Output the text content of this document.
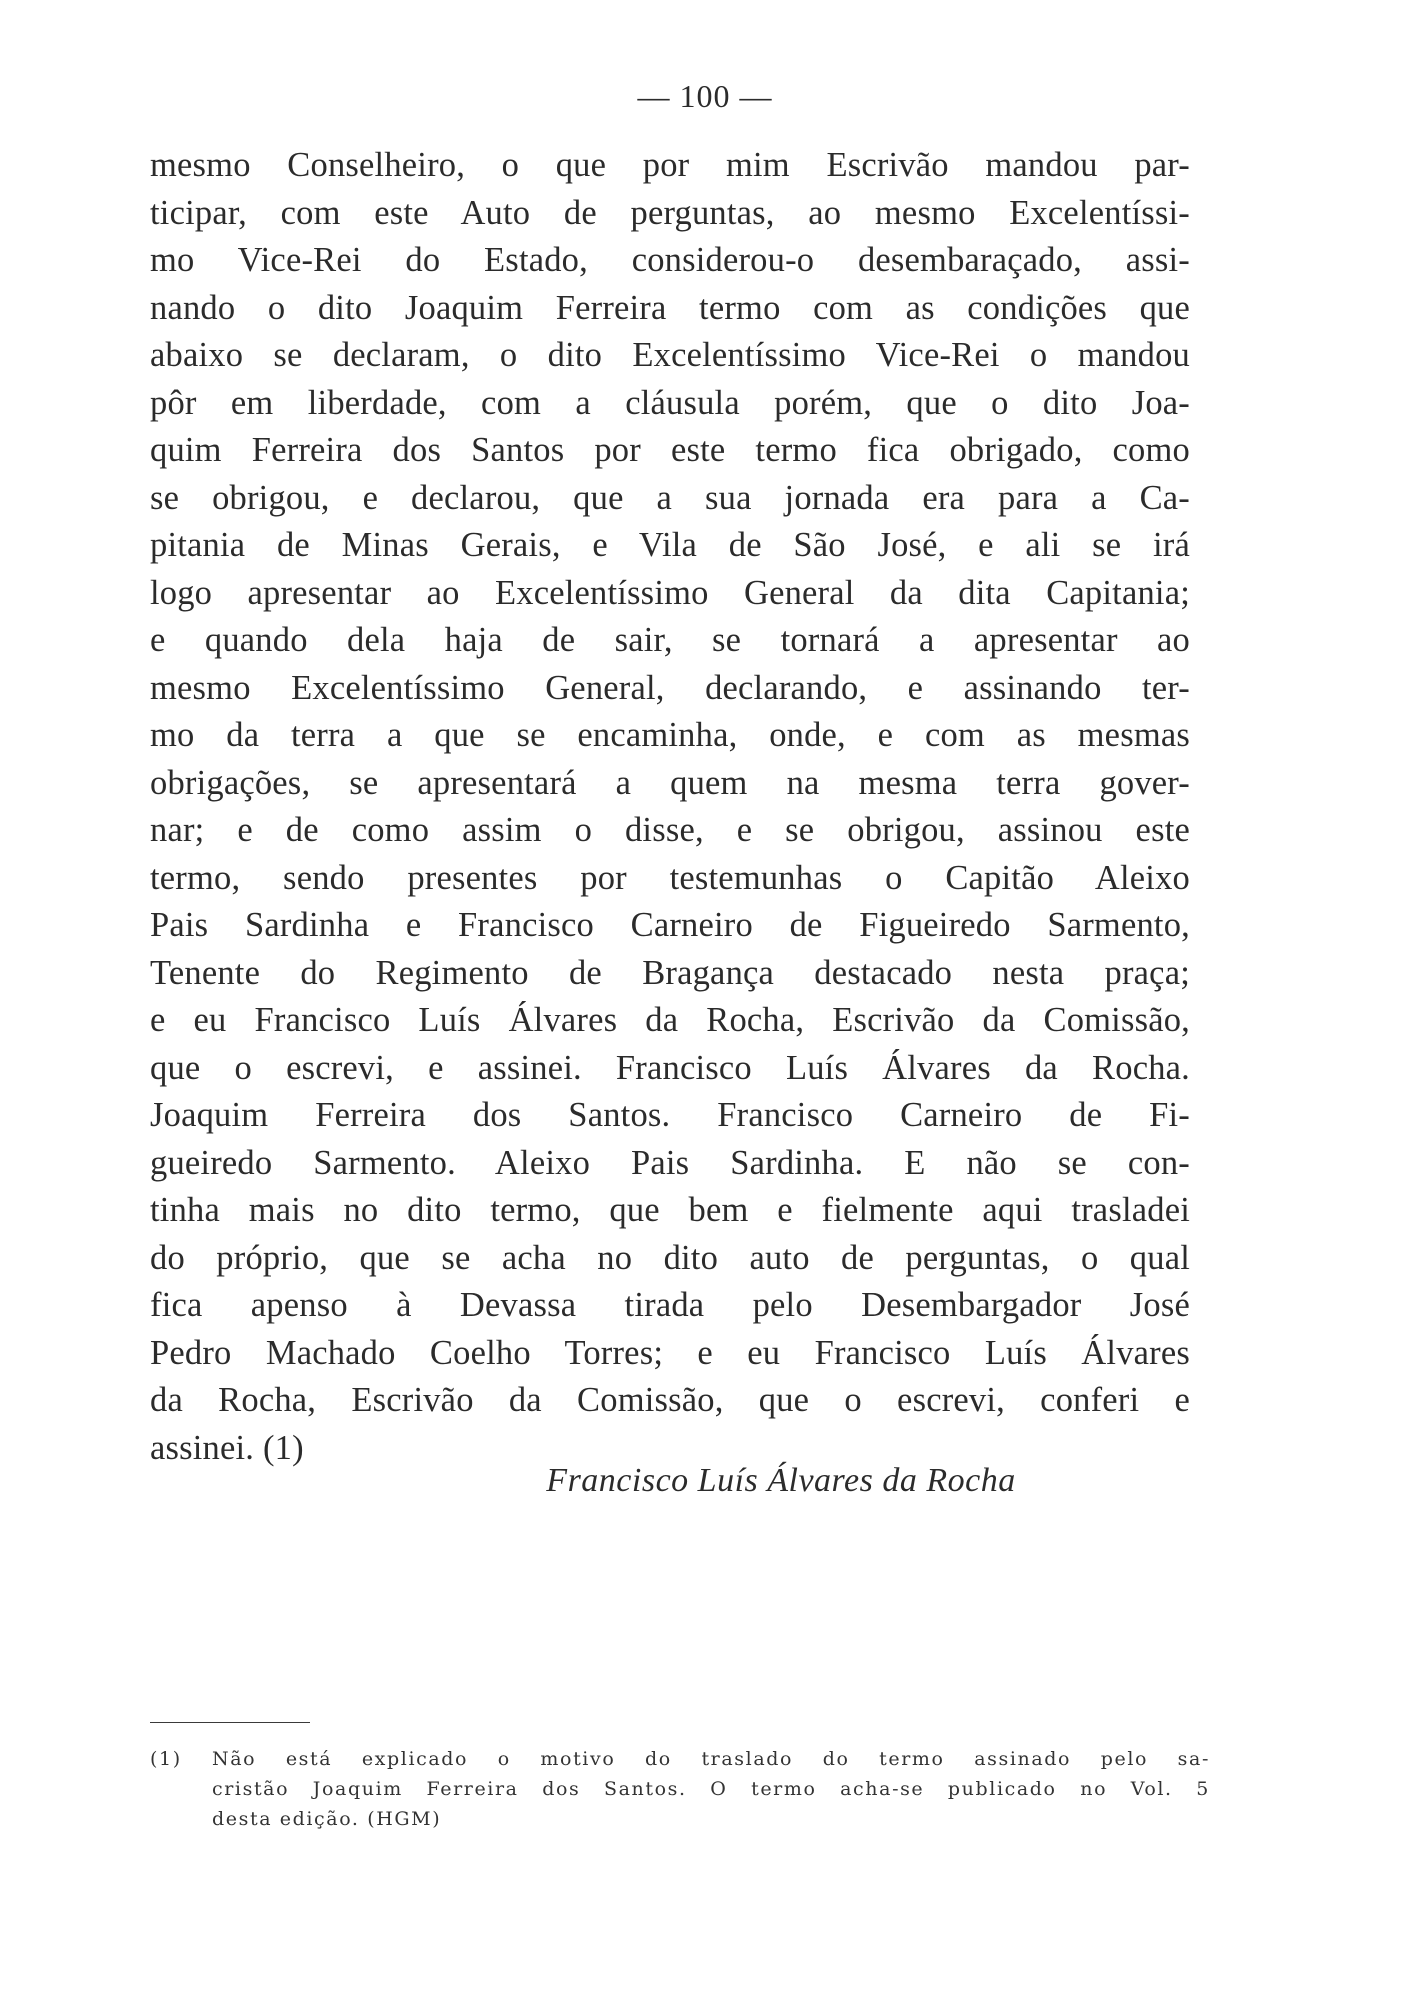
— 100 —
mesmo Conselheiro, o que por mim Escrivão mandou par-
ticipar, com este Auto de perguntas, ao mesmo Excelentíssi-
mo Vice-Rei do Estado, considerou-o desembaraçado, assi-
nando o dito Joaquim Ferreira termo com as condições que
abaixo se declaram, o dito Excelentíssimo Vice-Rei o mandou
pôr em liberdade, com a cláusula porém, que o dito Joa-
quim Ferreira dos Santos por este termo fica obrigado, como
se obrigou, e declarou, que a sua jornada era para a Ca-
pitania de Minas Gerais, e Vila de São José, e ali se irá
logo apresentar ao Excelentíssimo General da dita Capitania;
e quando dela haja de sair, se tornará a apresentar ao
mesmo Excelentíssimo General, declarando, e assinando ter-
mo da terra a que se encaminha, onde, e com as mesmas
obrigações, se apresentará a quem na mesma terra gover-
nar; e de como assim o disse, e se obrigou, assinou este
termo, sendo presentes por testemunhas o Capitão Aleixo
Pais Sardinha e Francisco Carneiro de Figueiredo Sarmento,
Tenente do Regimento de Bragança destacado nesta praça;
e eu Francisco Luís Álvares da Rocha, Escrivão da Comissão,
que o escrevi, e assinei. Francisco Luís Álvares da Rocha.
Joaquim Ferreira dos Santos. Francisco Carneiro de Fi-
gueiredo Sarmento. Aleixo Pais Sardinha. E não se con-
tinha mais no dito termo, que bem e fielmente aqui trasladei
do próprio, que se acha no dito auto de perguntas, o qual
fica apenso à Devassa tirada pelo Desembargador José
Pedro Machado Coelho Torres; e eu Francisco Luís Álvares
da Rocha, Escrivão da Comissão, que o escrevi, conferi e
assinei. (1)
Francisco Luís Álvares da Rocha
(1) Não está explicado o motivo do traslado do termo assinado pelo sa-
cristão Joaquim Ferreira dos Santos. O termo acha-se publicado no Vol. 5
desta edição. (HGM)
